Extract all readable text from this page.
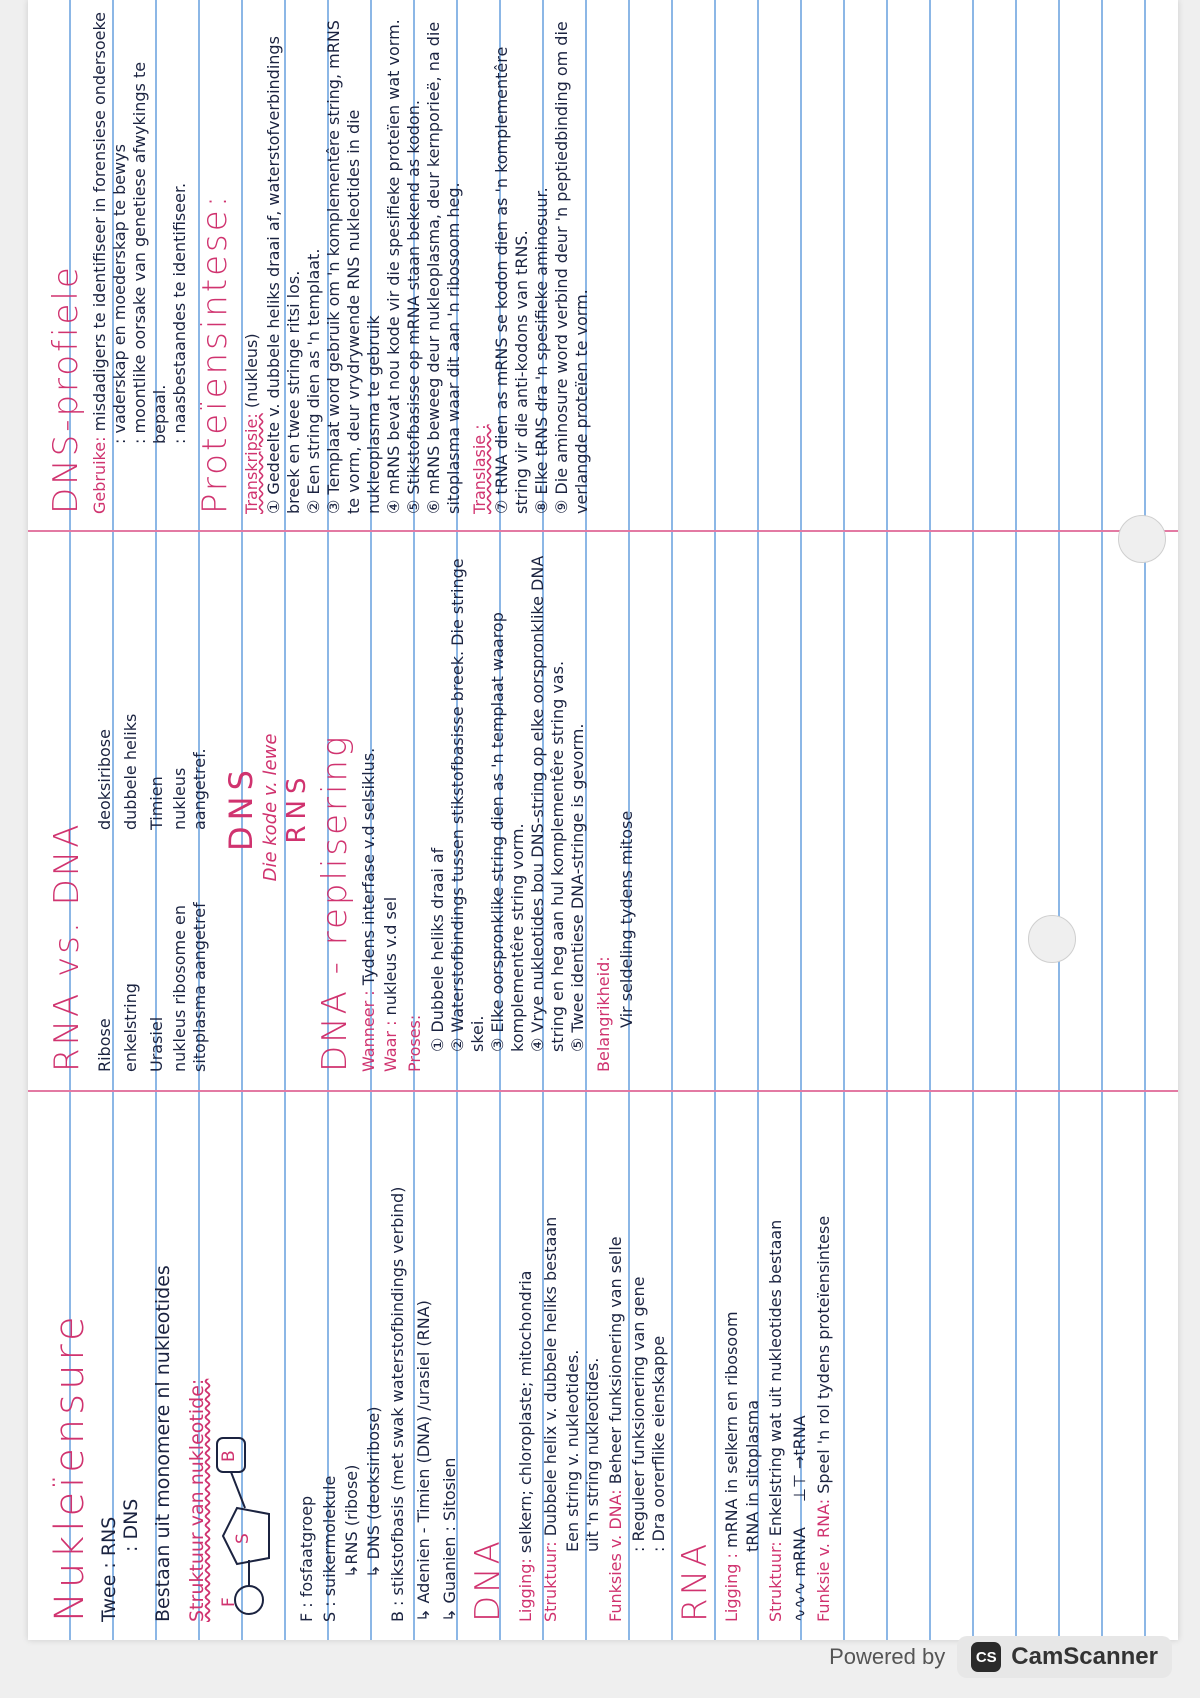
Nukleïensure Twee : RNS : DNS Bestaan uit monomere nl nukleotides Struktuur van nukleotide: F
S
B
F : fosfaatgroep S : suikermolekule ↳RNS (ribose) ↳ DNS (deoksiribose) B : stikstofbasis (met swak waterstofbindings verbind) ↳ Adenien - Timien (DNA) /urasiel (RNA) ↳ Guanien : Sitosien DNA Ligging: selkern; chloroplaste; mitochondria
Struktuur: Dubbele helix v. dubbele heliks bestaan Een string v. nukleotides. uit 'n string nukleotides.
Funksies v. DNA: Beheer funksionering van selle : Reguleer funksionering van gene : Dra oorerflike eienskappe
RNA Ligging : mRNA in selkern en ribosoom tRNA in sitoplasma
Struktuur: Enkelstring wat uit nukleotides bestaan
∿∿∿ mRNA ⊥⊤ →tRNA
Funksie v. RNA: Speel 'n rol tydens proteïensintese
RNA vs. DNA Ribose enkelstring Urasiel nukleus ribosome en sitoplasma aangetref
deoksiribose dubbele heliks Timien nukleus aangetref. DNS Die kode v. lewe RNS DNA - replisering Wanneer : Tydens interfase v.d selsiklus.
Waar : nukleus v.d sel
Proses: ① Dubbele heliks draai af ② Waterstofbindings tussen stikstofbasisse breek. Die stringe skei. ③ Elke oorspronklike string dien as 'n templaat waarop komplementêre string vorm. ④ Vrye nukleotides bou DNS-string op elke oorspronklike DNA string en heg aan hul komplementêre string vas. ⑤ Twee identiese DNA-stringe is gevorm. Belangrikheid: Vir seldeling tydens mitose
DNS-profiele Gebruike: misdadigers te identifiseer in forensiese ondersoeke : vaderskap en moederskap te bewys : moontlike oorsake van genetiese afwykings te bepaal. : naasbestaandes te identifiseer. Proteïensintese: Transkripsie: (nukleus) ① Gedeelte v. dubbele heliks draai af, waterstofverbindings breek en twee stringe ritsi los. ② Een string dien as 'n templaat. ③ Templaat word gebruik om 'n komplementêre string, mRNS te vorm, deur vrydrywende RNS nukleotides in die nukleoplasma te gebruik ④ mRNS bevat nou kode vir die spesifieke proteïen wat vorm. ⑤ Stikstofbasisse op mRNA staan bekend as kodon. ⑥ mRNS beweeg deur nukleoplasma, deur kernporieë, na die sitoplasma waar dit aan 'n ribosoom heg. Translasie : ⑦ tRNA dien as mRNS se kodon dien as 'n komplementêre string vir die anti-kodons van tRNS. ⑧ Elke tRNS dra 'n spesifieke aminosuur. ⑨ Die aminosure word verbind deur 'n peptiedbinding om die verlangde proteïen te vorm.
Powered by	CS CamScanner
